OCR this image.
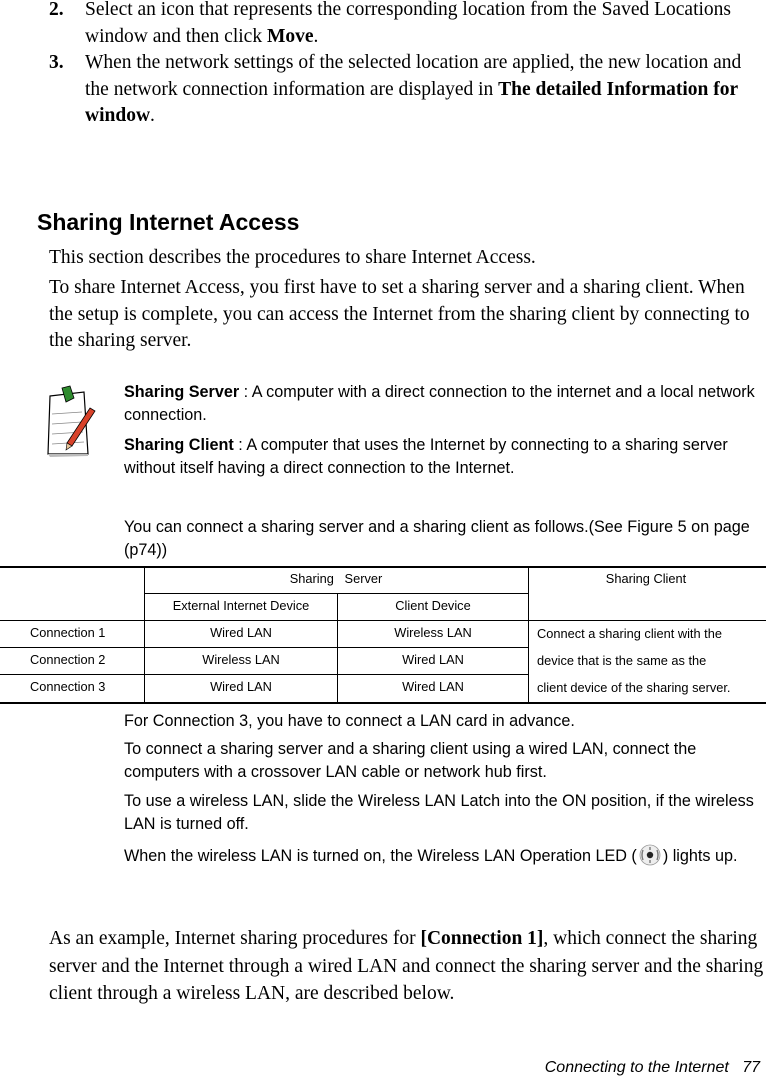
2. Select an icon that represents the corresponding location from the Saved Locations window and then click Move.
3. When the network settings of the selected location are applied, the new location and the network connection information are displayed in The detailed Information for window.
Sharing Internet Access
This section describes the procedures to share Internet Access.
To share Internet Access, you first have to set a sharing server and a sharing client. When the setup is complete, you can access the Internet from the sharing client by connecting to the sharing server.
Sharing Server : A computer with a direct connection to the internet and a local network connection.
Sharing Client : A computer that uses the Internet by connecting to a sharing server without itself having a direct connection to the Internet.
You can connect a sharing server and a sharing client as follows.(See Figure 5 on page (p74))
Sharing   Server	Sharing Client
External Internet Device	Client Device
Connection 1	Wired LAN	Wireless LAN
Connection 2	Wireless LAN	Wired LAN
Connection 3	Wired LAN	Wired LAN
Connect a sharing client with the
device that is the same as the
client device of the sharing server.
For Connection 3, you have to connect a LAN card in advance.
To connect a sharing server and a sharing client using a wired LAN, connect the computers with a crossover LAN cable or network hub first.
To use a wireless LAN, slide the Wireless LAN Latch into the ON position, if the wireless LAN is turned off.
When the wireless LAN is turned on, the Wireless LAN Operation LED ( ) lights up.
As an example, Internet sharing procedures for [Connection 1], which connect the sharing server and the Internet through a wired LAN and connect the sharing server and the sharing client through a wireless LAN, are described below.
Connecting to the Internet 77
